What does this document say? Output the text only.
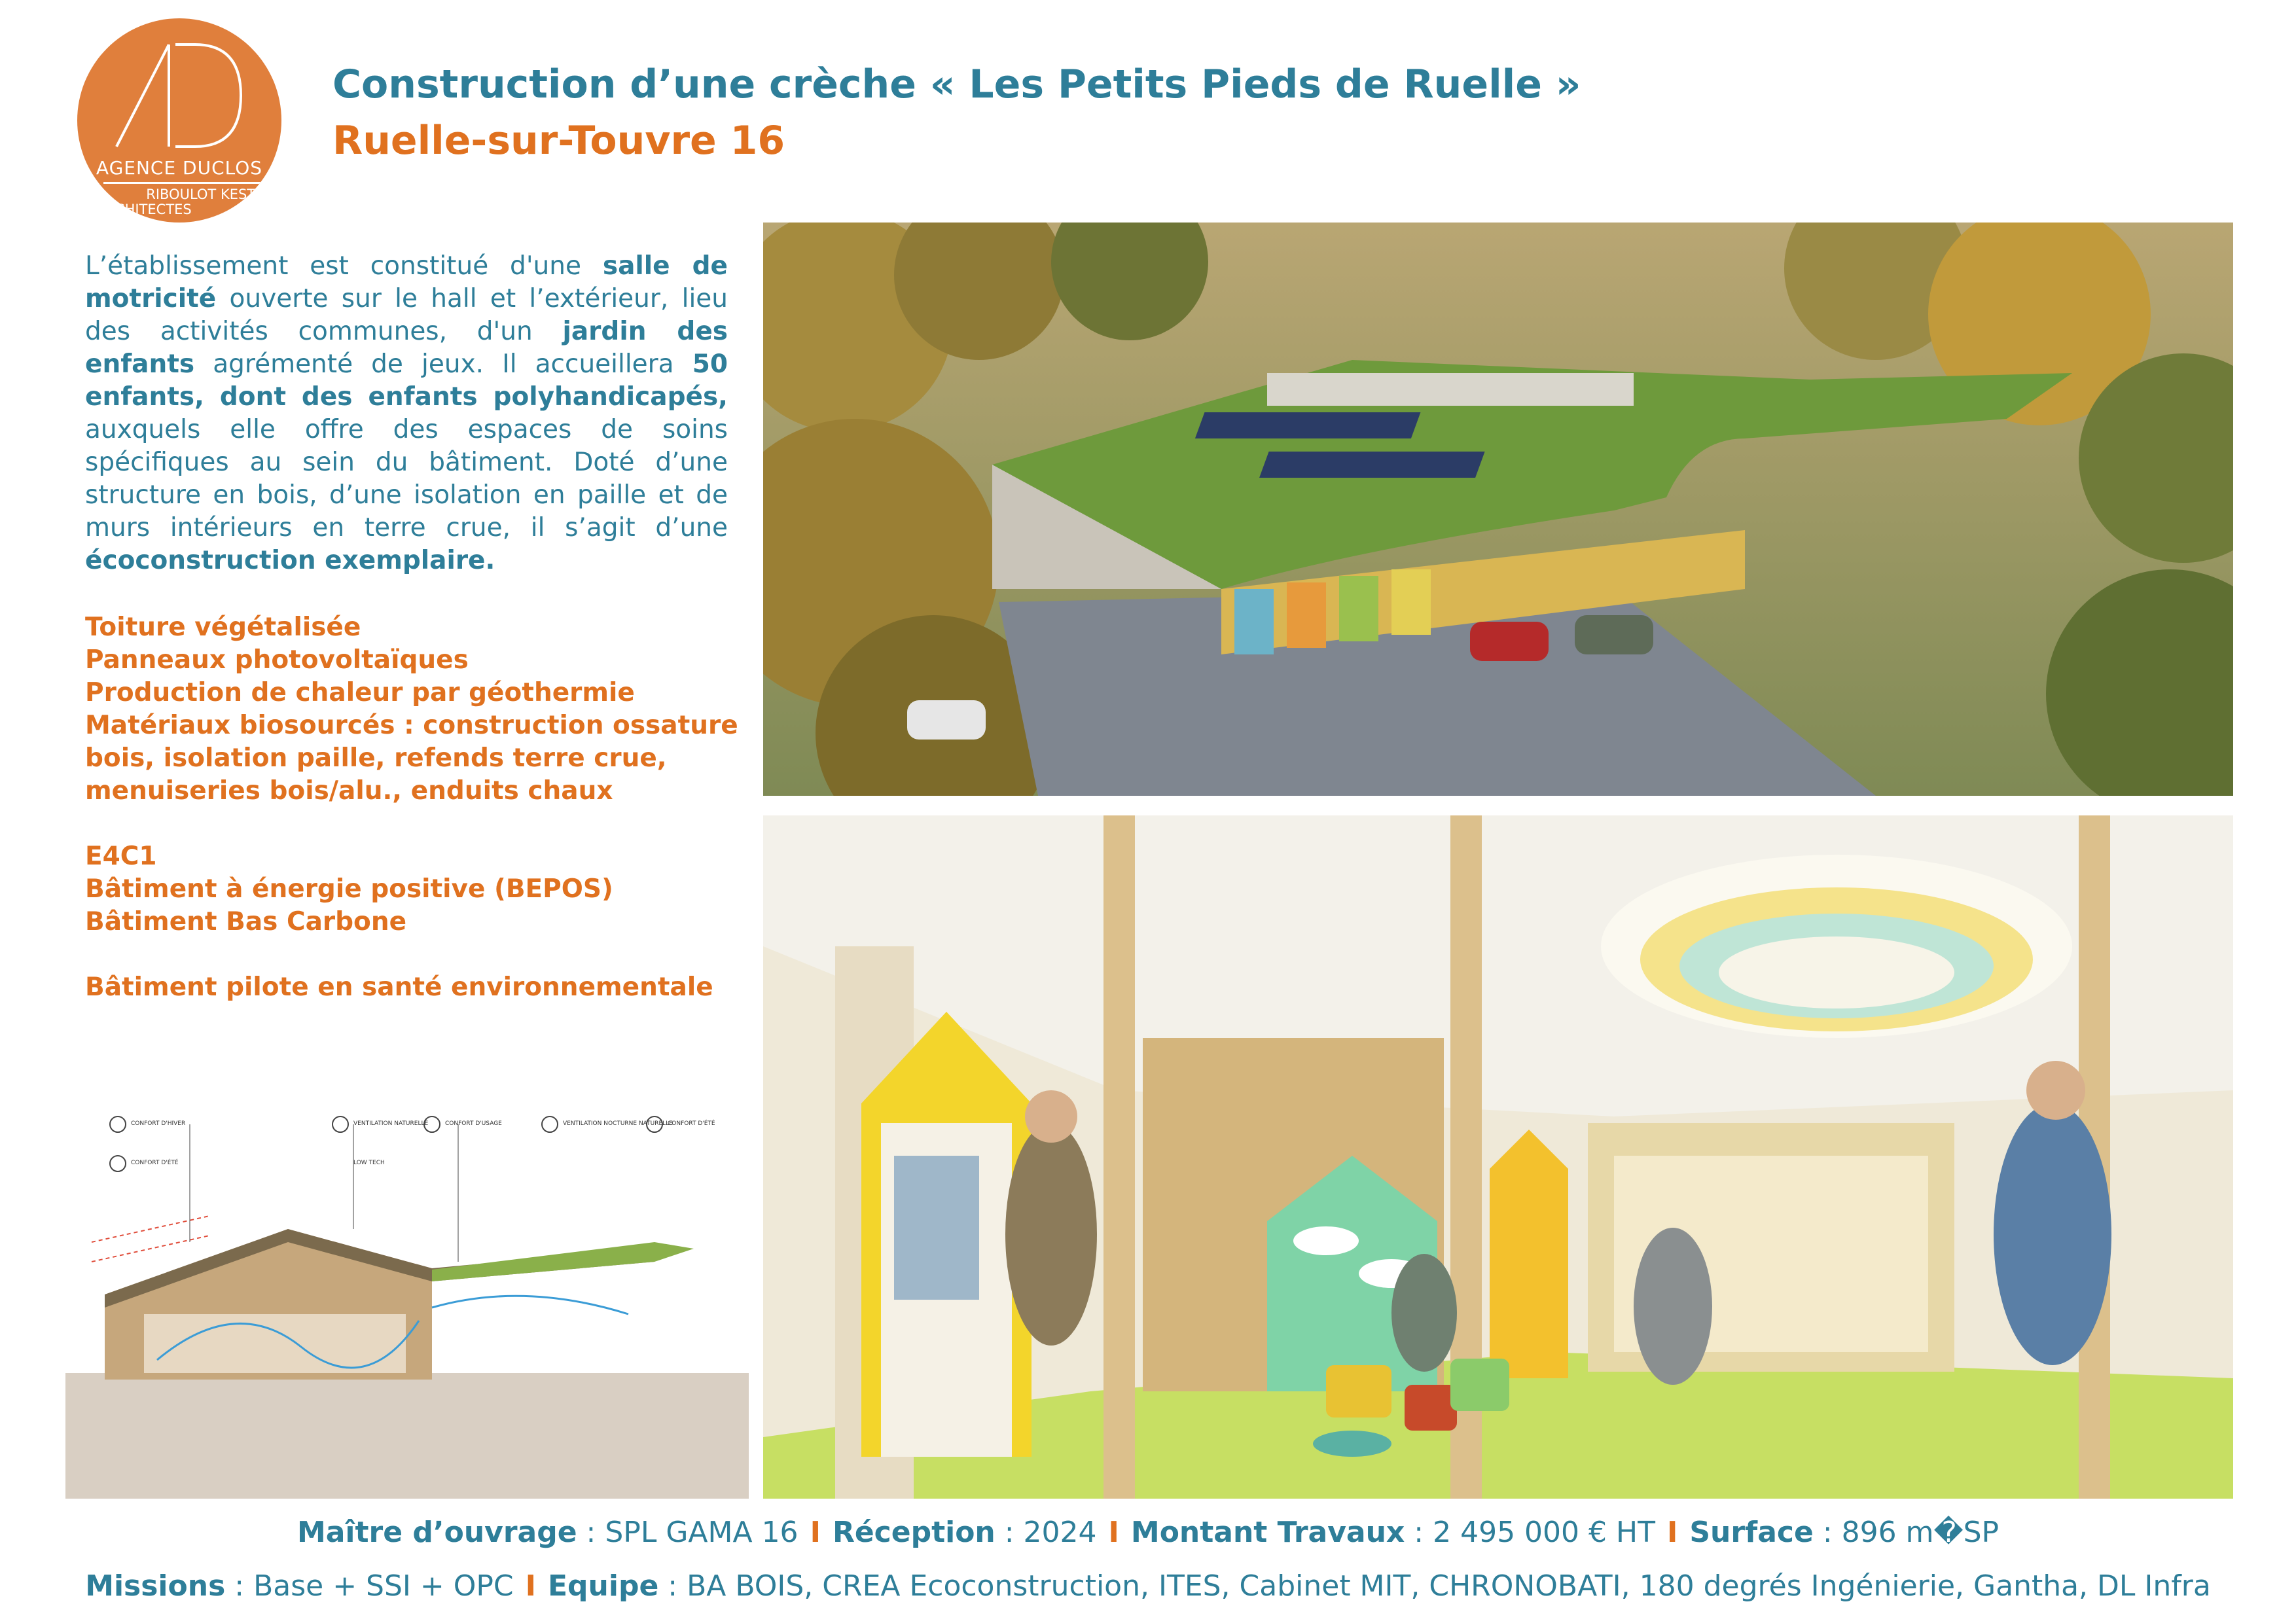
AGENCE DUCLOS
RIBOULOT KESTER
ARCHITECTES
Construction d’une crèche « Les Petits Pieds de Ruelle »
Ruelle-sur-Touvre 16
L’établissement est constitué d'une salle de motricité ouverte sur le hall et l’extérieur, lieu des activités communes, d'un jardin des enfants agrémenté de jeux. Il accueillera 50 enfants, dont des enfants polyhandicapés, auxquels elle offre des espaces de soins spécifiques au sein du bâtiment. Doté d’une structure en bois, d’une isolation en paille et de murs intérieurs en terre crue, il s’agit d’une écoconstruction exemplaire.
Toiture végétalisée
Panneaux photovoltaïques
Production de chaleur par géothermie
Matériaux biosourcés : construction ossature
bois, isolation paille, refends terre crue,
menuiseries bois/alu., enduits chaux
E4C1
Bâtiment à énergie positive (BEPOS)
Bâtiment Bas Carbone
Bâtiment pilote en santé environnementale
CONFORT D'HIVER
CONFORT D'ÉTÉ
VENTILATION NATURELLE
LOW TECH
CONFORT D'USAGE	VENTILATION NOCTURNE NATURELLE
CONFORT D'ÉTÉ
Maître d’ouvrage : SPL GAMA 16 I Réception : 2024 I Montant Travaux : 2 495 000 € HT I Surface : 896 m�SP
Missions : Base + SSI + OPC I Equipe : BA BOIS, CREA Ecoconstruction, ITES, Cabinet MIT, CHRONOBATI, 180 degrés Ingénierie, Gantha, DL Infra
